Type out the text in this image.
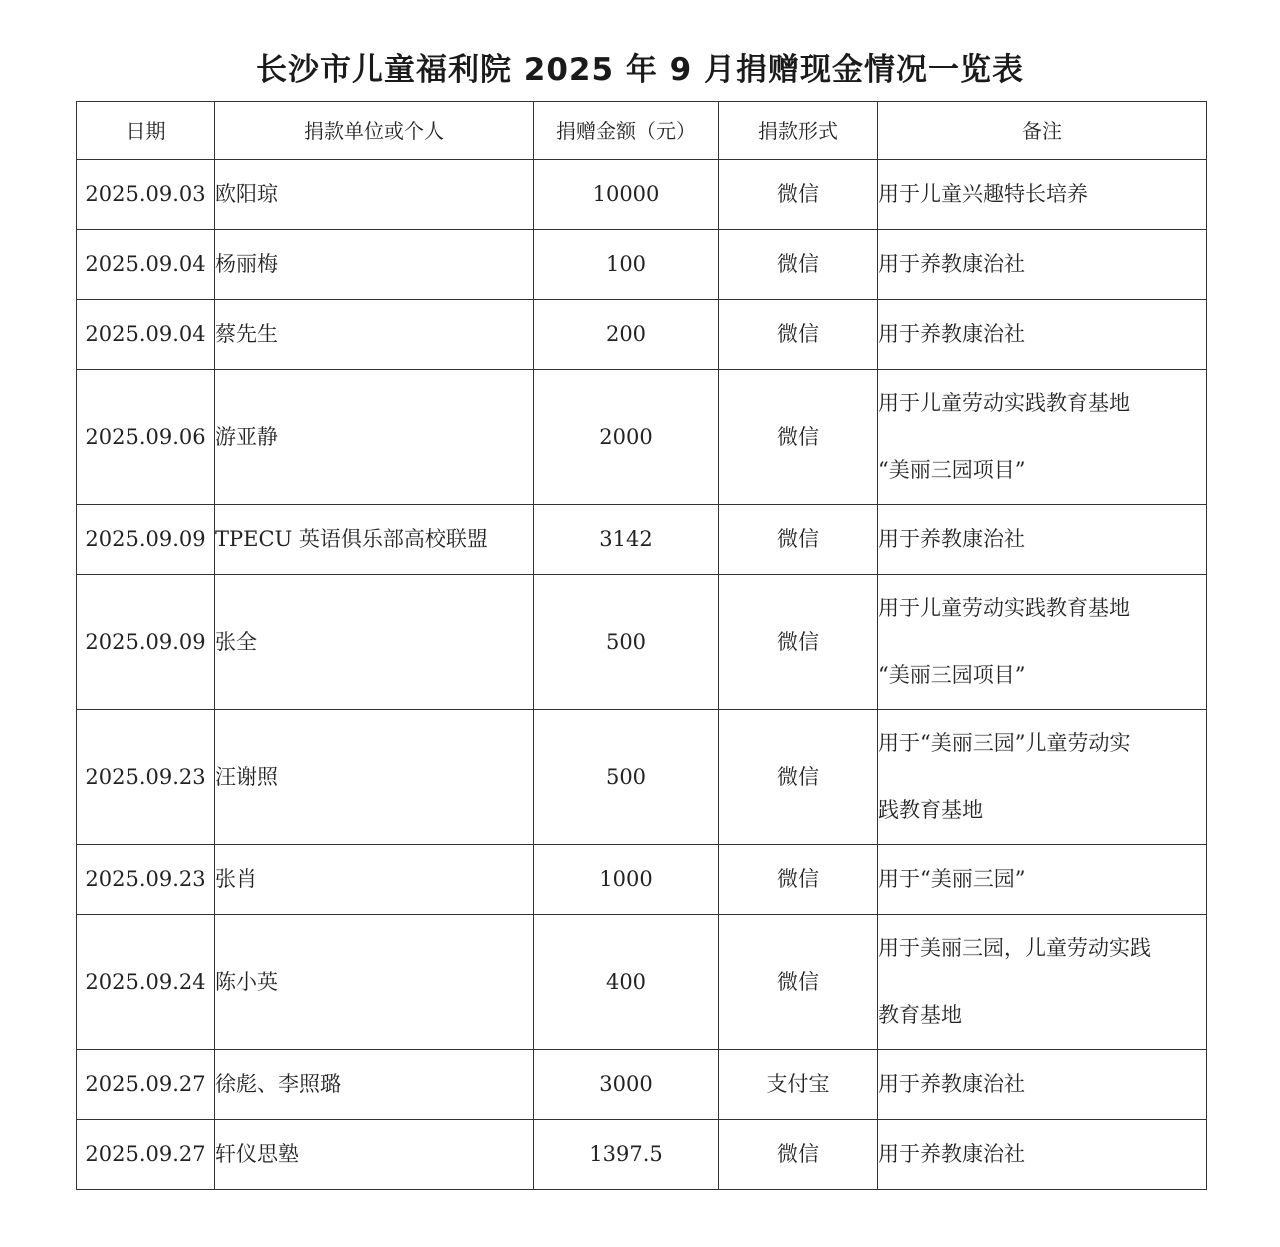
长沙市儿童福利院 2025 年 9 月捐赠现金情况一览表
日期	捐款单位或个人	捐赠金额（元）	捐款形式	备注
2025.09.03	欧阳琼	10000	微信	用于儿童兴趣特长培养

2025.09.04	杨丽梅	100	微信	用于养教康治社

2025.09.04	蔡先生	200	微信	用于养教康治社

2025.09.06	游亚静	2000	微信	用于儿童劳动实践教育基地
“美丽三园项目”

2025.09.09	TPECU 英语俱乐部高校联盟	3142	微信	用于养教康治社

2025.09.09	张全	500	微信	用于儿童劳动实践教育基地
“美丽三园项目”

2025.09.23	汪谢照	500	微信	用于“美丽三园”儿童劳动实
践教育基地

2025.09.23	张肖	1000	微信	用于“美丽三园”

2025.09.24	陈小英	400	微信	用于美丽三园，儿童劳动实践
教育基地

2025.09.27	徐彪、李照璐	3000	支付宝	用于养教康治社

2025.09.27	轩仪思塾	1397.5	微信	用于养教康治社
